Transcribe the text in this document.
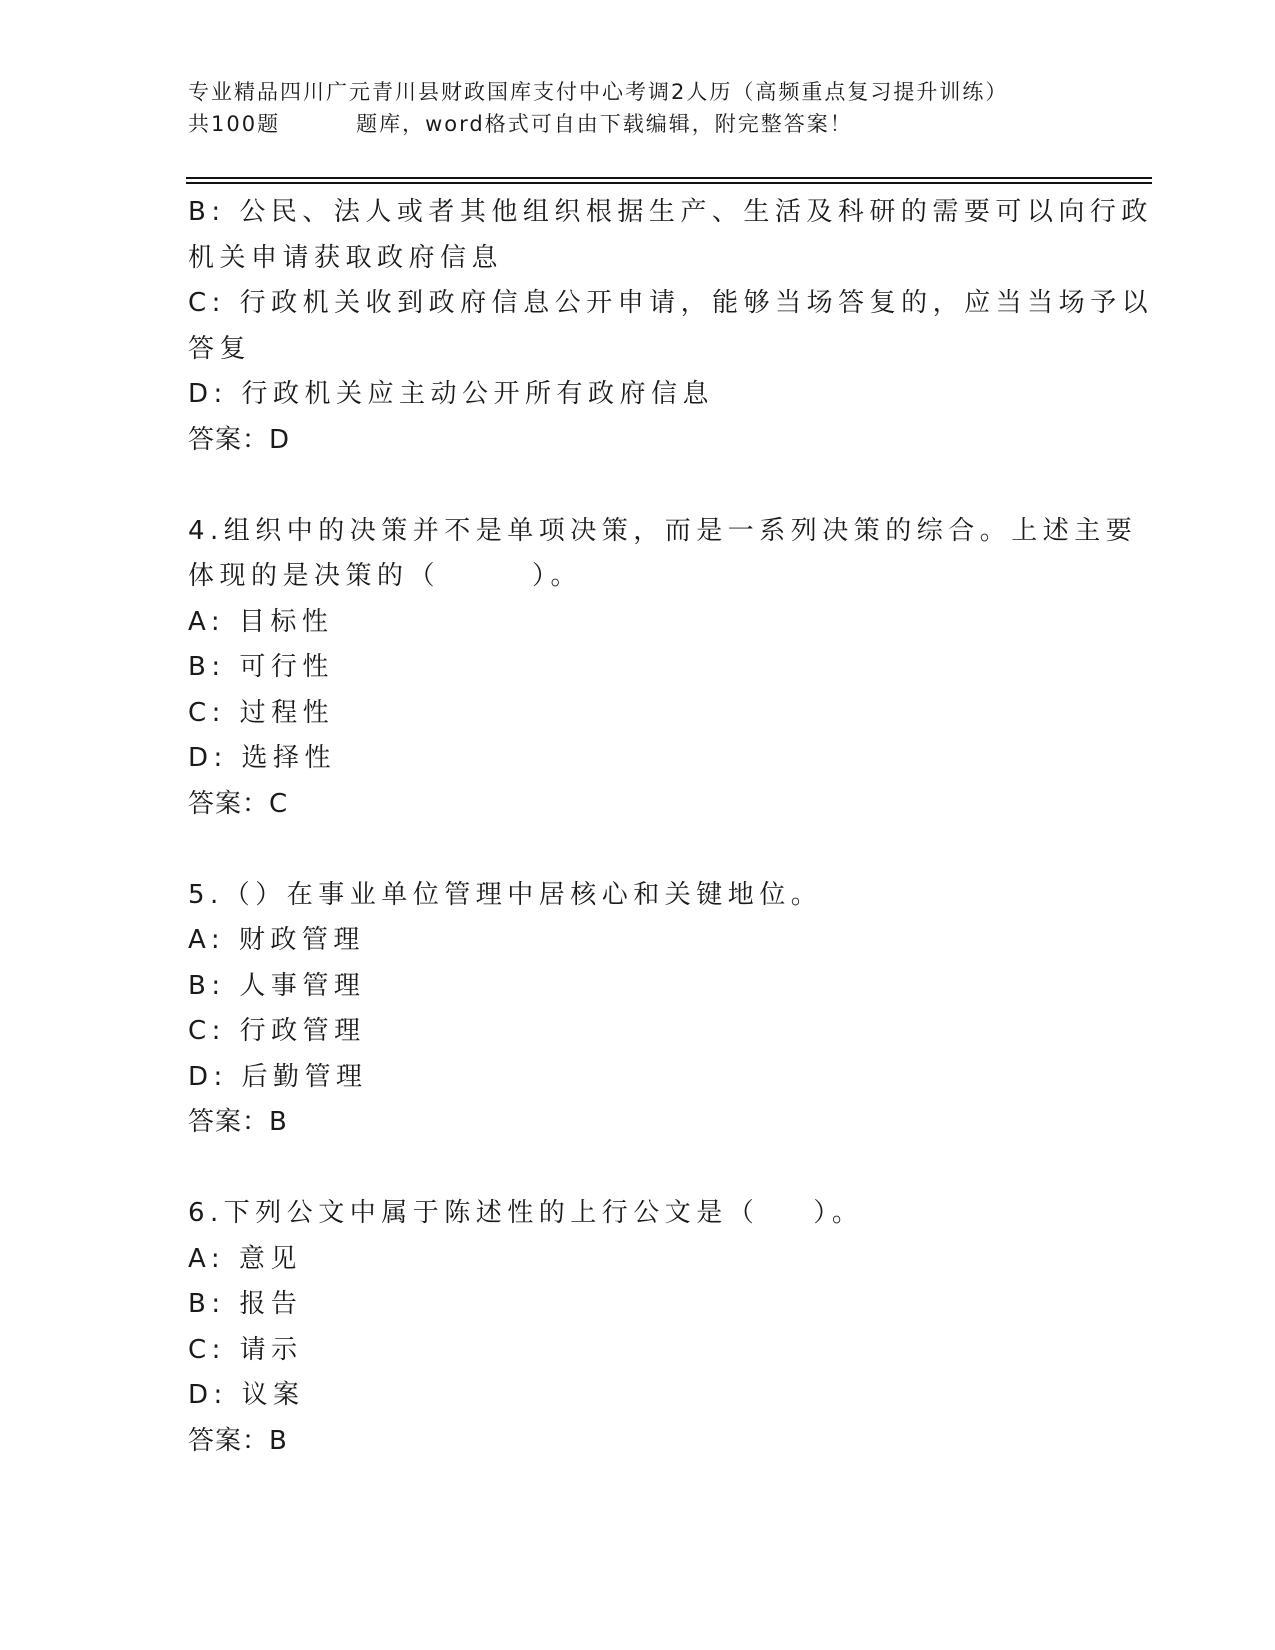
专业精品四川广元青川县财政国库支付中心考调2人历（高频重点复习提升训练）
共100题	题库，word格式可自由下载编辑，附完整答案！
B: 公民、法人或者其他组织根据生产、生活及科研的需要可以向行政
机关申请获取政府信息
C: 行政机关收到政府信息公开申请，能够当场答复的，应当当场予以
答复
D: 行政机关应主动公开所有政府信息
答案：D
4.组织中的决策并不是单项决策，而是一系列决策的综合。上述主要
体现的是决策的（	）。
A: 目标性
B: 可行性
C: 过程性
D: 选择性
答案：C
5.（）在事业单位管理中居核心和关键地位。
A: 财政管理
B: 人事管理
C: 行政管理
D: 后勤管理
答案：B
6.下列公文中属于陈述性的上行公文是（ ）。
A: 意见
B: 报告
C: 请示
D: 议案
答案：B
